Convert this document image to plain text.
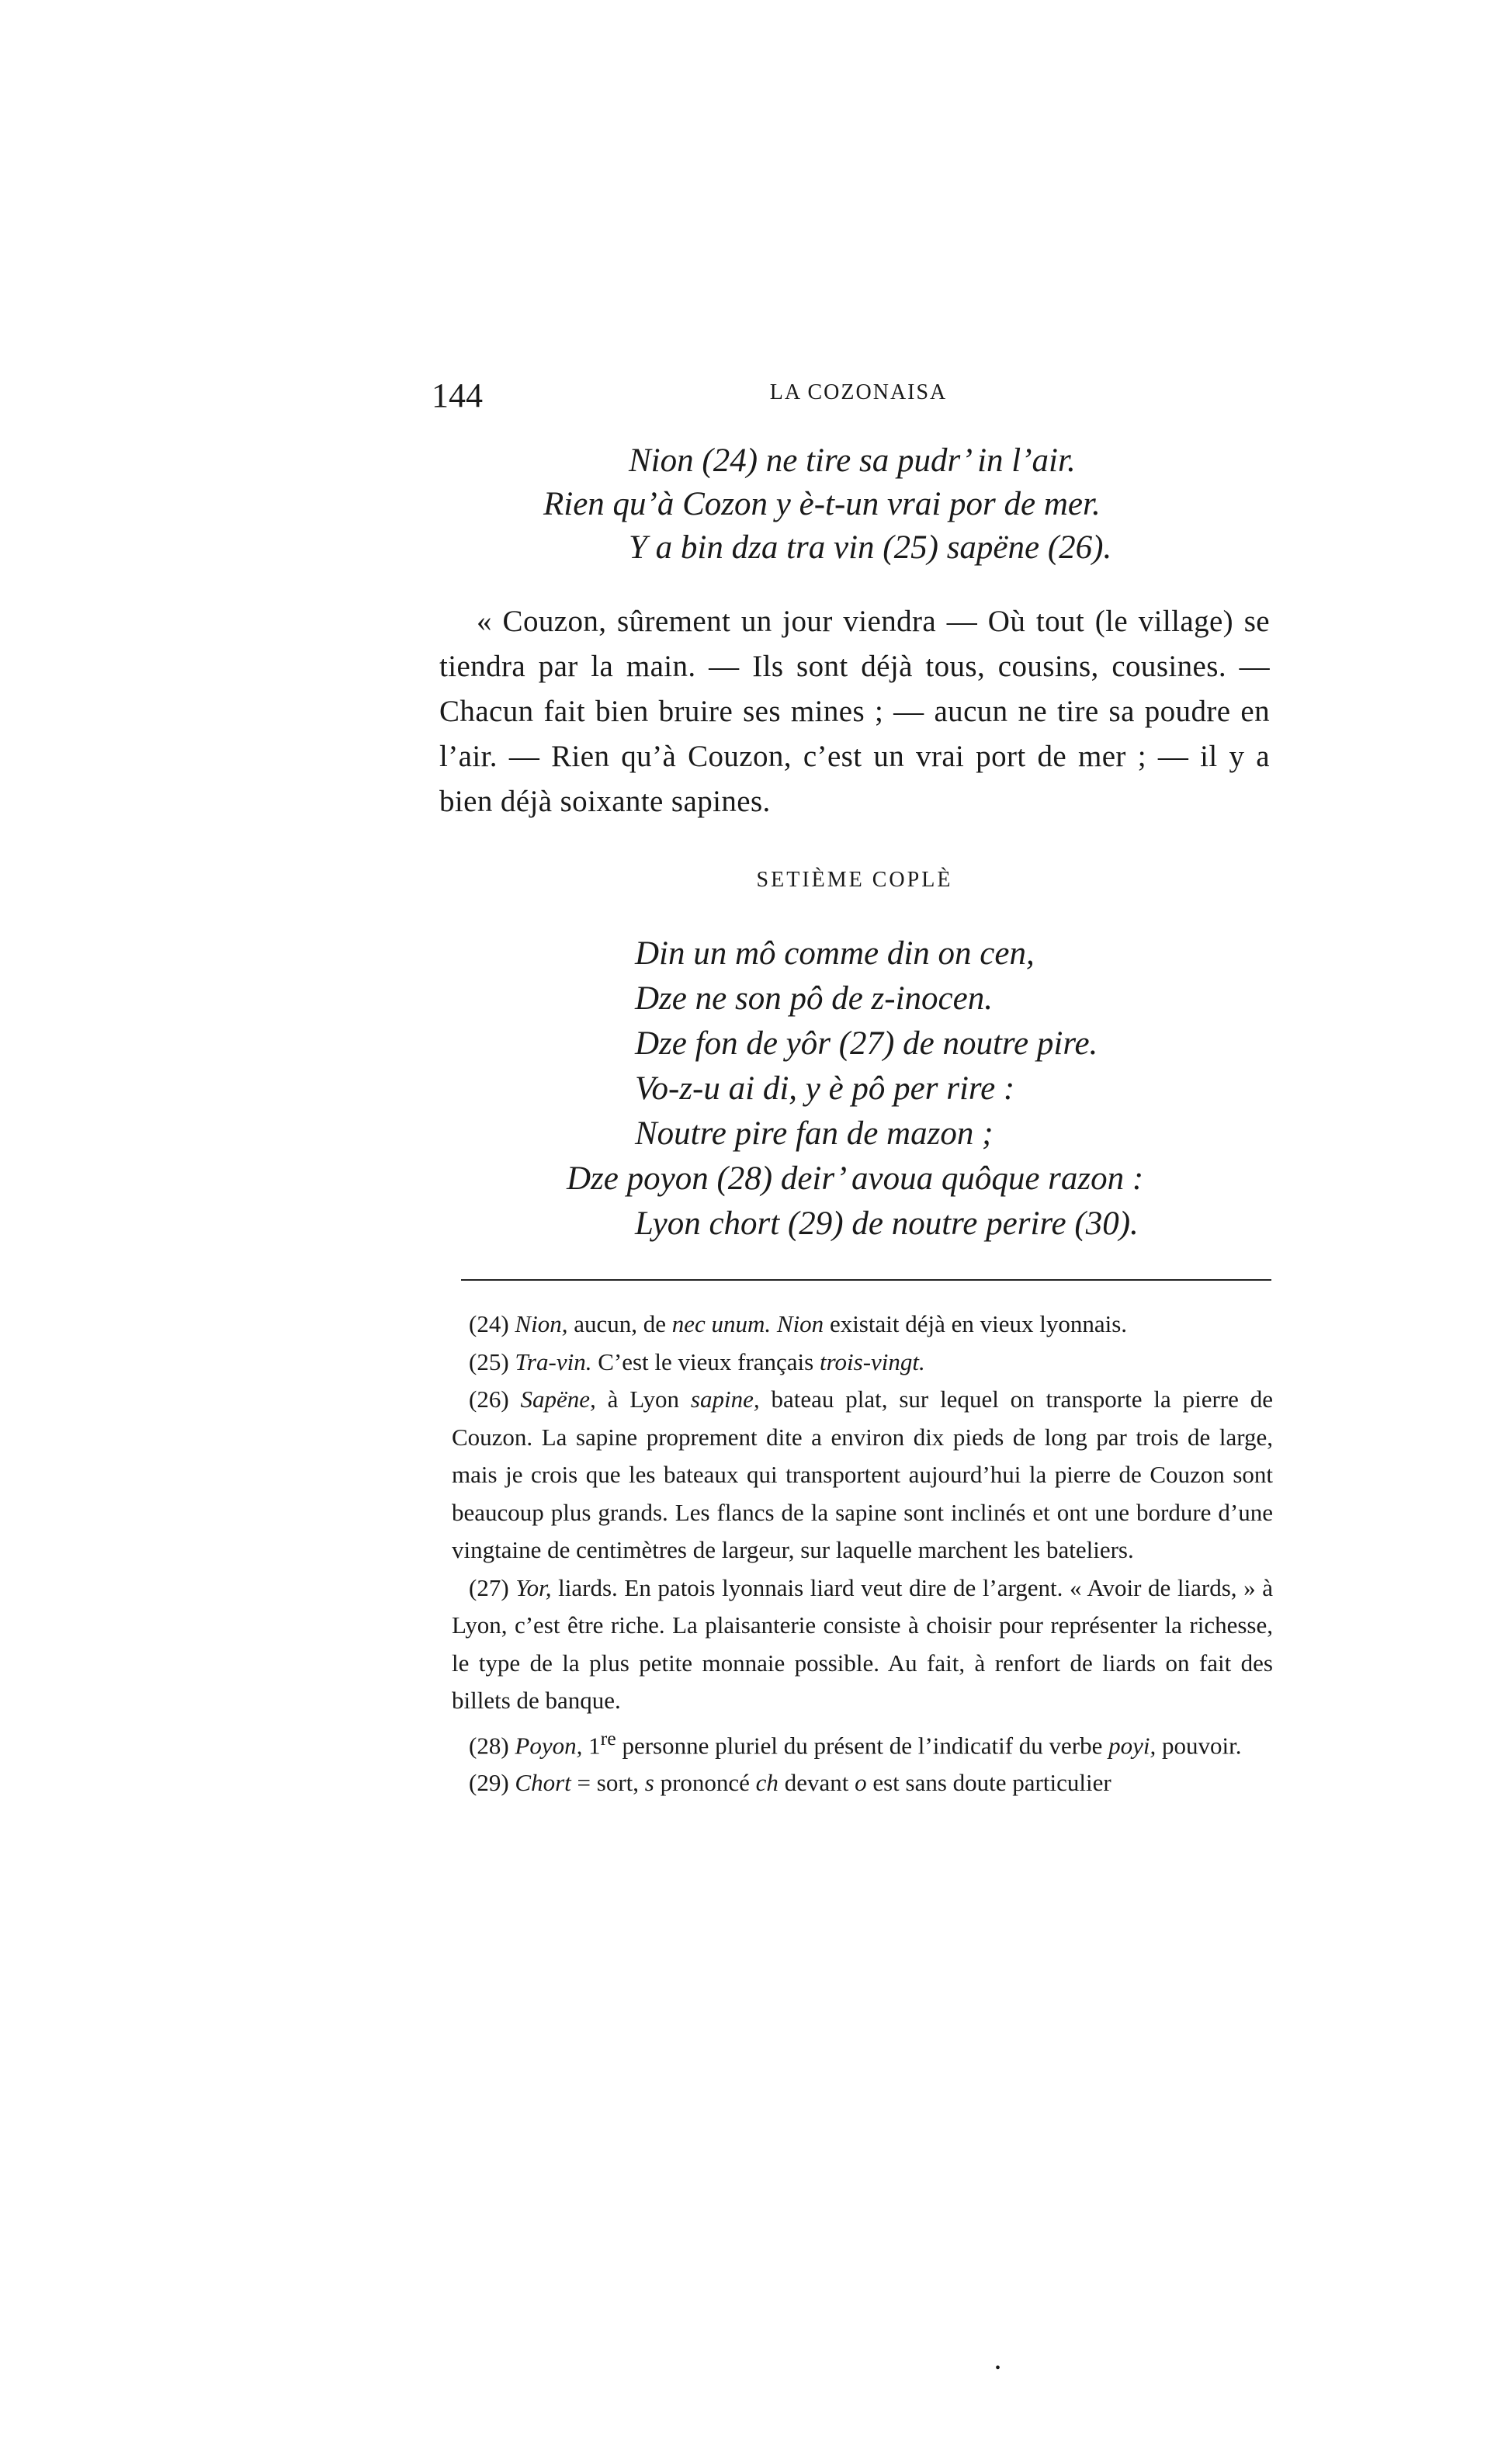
144	LA COZONAISA
Nion (24) ne tire sa pudr’ in l’air.
Rien qu’à Cozon y è-t-un vrai por de mer.
Y a bin dza tra vin (25) sapëne (26).

« Couzon, sûrement un jour viendra — Où tout (le village) se tiendra par la main. — Ils sont déjà tous, cousins, cousines. — Chacun fait bien bruire ses mines ; — aucun ne tire sa poudre en l’air. — Rien qu’à Couzon, c’est un vrai port de mer ; — il y a bien déjà soixante sapines.

SETIÈME COPLÈ
Din un mô comme din on cen,
Dze ne son pô de z-inocen.
Dze fon de yôr (27) de noutre pire.
Vo-z-u ai di, y è pô per rire :
Noutre pire fan de mazon ;
Dze poyon (28) deir’ avoua quôque razon :
Lyon chort (29) de noutre perire (30).

(24) Nion, aucun, de nec unum. Nion existait déjà en vieux lyonnais.

(25) Tra-vin. C’est le vieux français trois-vingt.

(26) Sapëne, à Lyon sapine, bateau plat, sur lequel on transporte la pierre de Couzon. La sapine proprement dite a environ dix pieds de long par trois de large, mais je crois que les bateaux qui transportent aujourd’hui la pierre de Couzon sont beaucoup plus grands. Les flancs de la sapine sont inclinés et ont une bordure d’une vingtaine de centimètres de largeur, sur laquelle marchent les bateliers.

(27) Yor, liards. En patois lyonnais liard veut dire de l’argent. « Avoir de liards, » à Lyon, c’est être riche. La plaisanterie consiste à choisir pour représenter la richesse, le type de la plus petite monnaie possible. Au fait, à renfort de liards on fait des billets de banque.

(28) Poyon, 1re personne pluriel du présent de l’indicatif du verbe poyi, pouvoir.

(29) Chort = sort, s prononcé ch devant o est sans doute particulier

•
